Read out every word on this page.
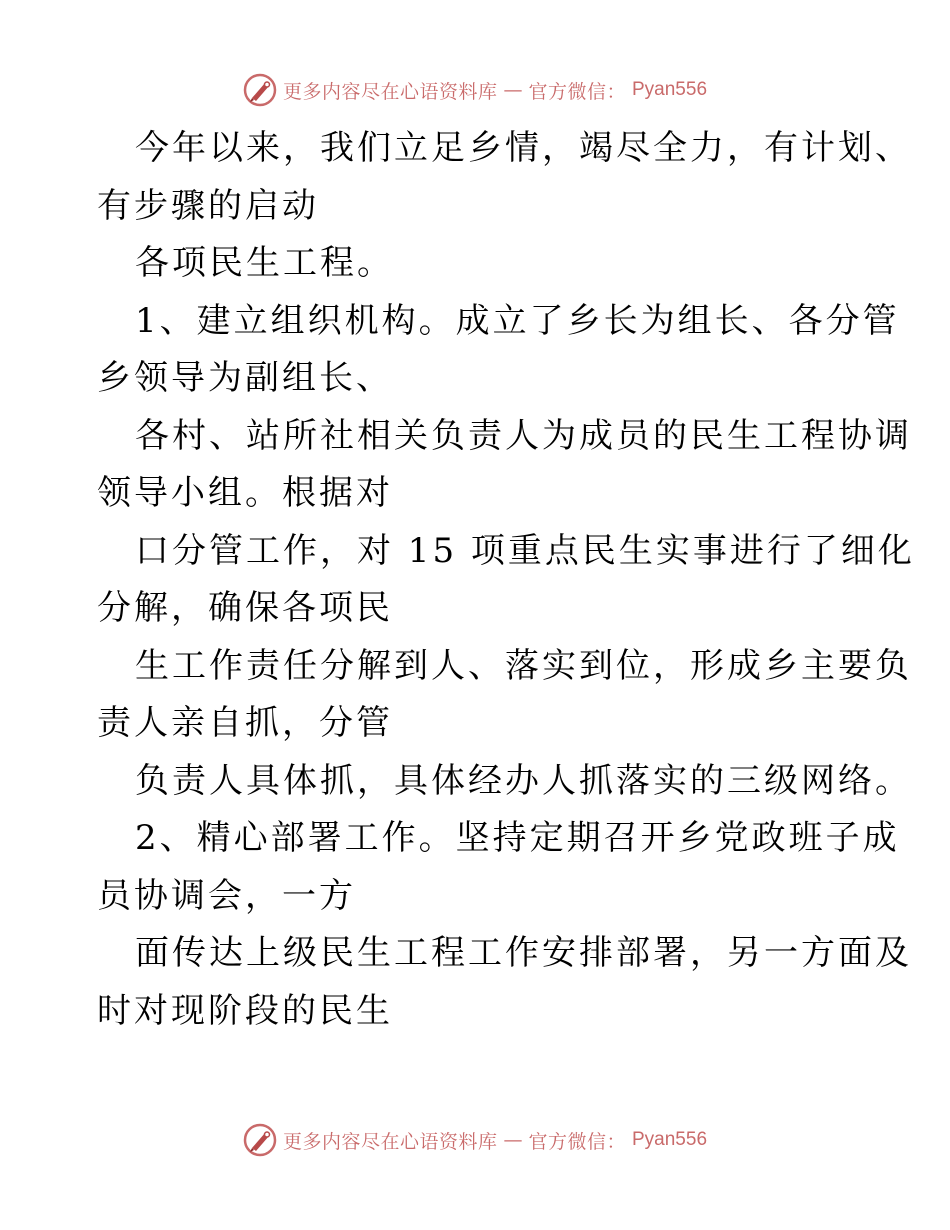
更多内容尽在心语资料库 — 官方微信： Pyan556
今年以来，我们立足乡情，竭尽全力，有计划、
有步骤的启动
各项民生工程。
1、建立组织机构。成立了乡长为组长、各分管
乡领导为副组长、
各村、站所社相关负责人为成员的民生工程协调
领导小组。根据对
口分管工作，对 15 项重点民生实事进行了细化
分解，确保各项民
生工作责任分解到人、落实到位，形成乡主要负
责人亲自抓，分管
负责人具体抓，具体经办人抓落实的三级网络。
2、精心部署工作。坚持定期召开乡党政班子成
员协调会，一方
面传达上级民生工程工作安排部署，另一方面及
时对现阶段的民生
更多内容尽在心语资料库 — 官方微信： Pyan556
